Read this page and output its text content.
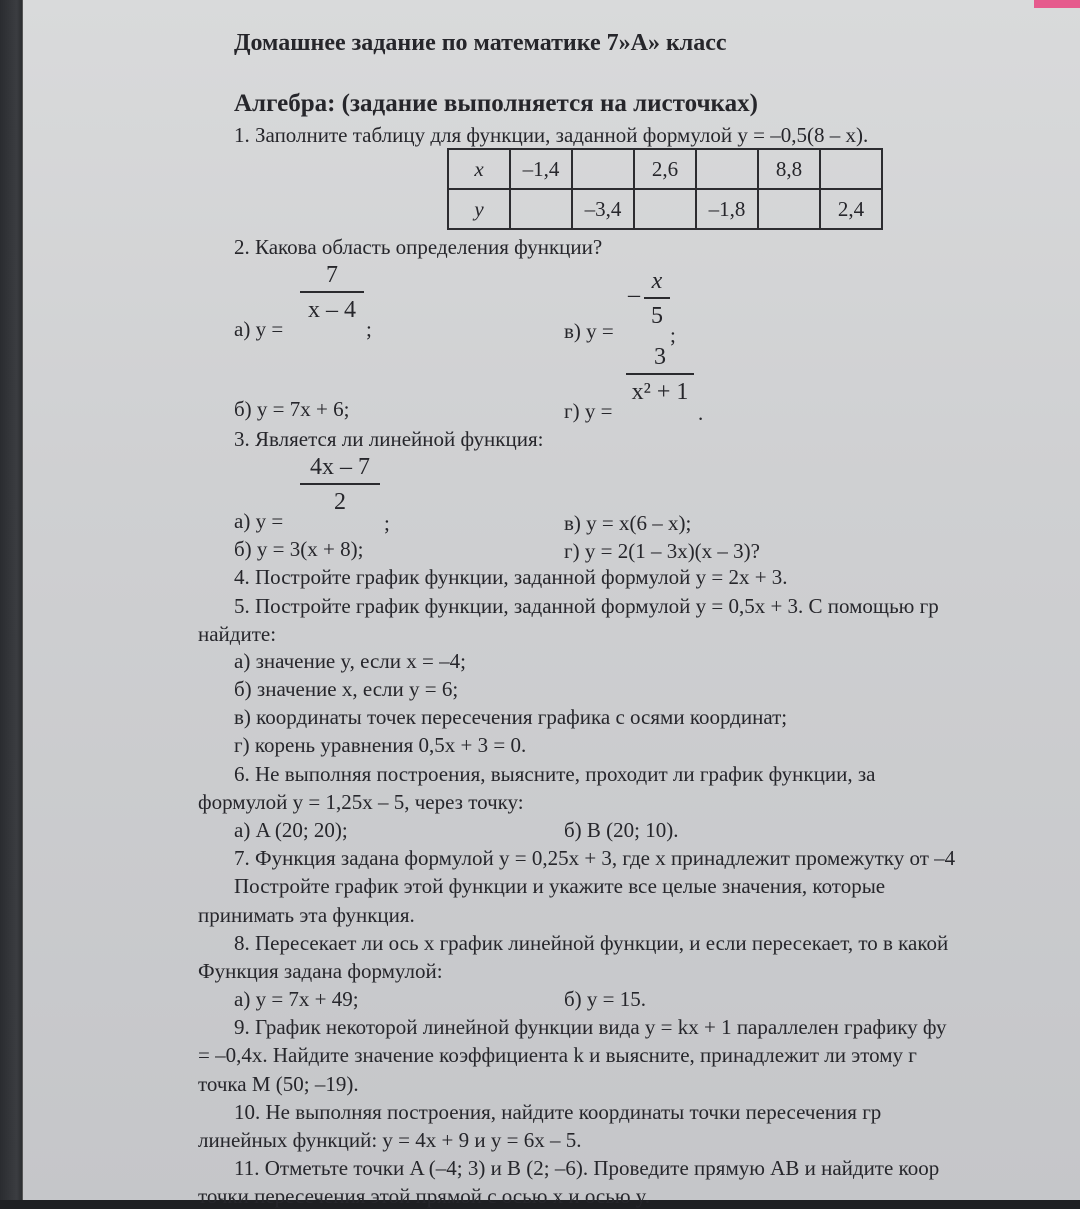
Домашнее задание по математике 7»А» класс
Алгебра: (задание выполняется на листочках)
1. Заполните таблицу для функции, заданной формулой y = –0,5(8 – x).
x	–1,4		2,6		8,8	
y		–3,4		–1,8		2,4
2. Какова область определения функции?
а) y =
7
x – 4
;	в) y =
–
x
5
;
б) y = 7x + 6;	г) y =
3
x² + 1
.
3. Является ли линейной функция:
а) y =
4x – 7
2
;	в) y = x(6 – x);
б) y = 3(x + 8);	г) y = 2(1 – 3x)(x – 3)?
4. Постройте график функции, заданной формулой y = 2x + 3.
5. Постройте график функции, заданной формулой y = 0,5x + 3. С помощью гр
найдите:
а) значение y, если x = –4;
б) значение x, если y = 6;
в) координаты точек пересечения графика с осями координат;
г) корень уравнения 0,5x + 3 = 0.
6. Не выполняя построения, выясните, проходит ли график функции, за
формулой y = 1,25x – 5, через точку:
а) A (20; 20);	б) B (20; 10).
7. Функция задана формулой y = 0,25x + 3, где x принадлежит промежутку от –4
Постройте график этой функции и укажите все целые значения, которые
принимать эта функция.
8. Пересекает ли ось x график линейной функции, и если пересекает, то в какой
Функция задана формулой:
а) y = 7x + 49;	б) y = 15.
9. График некоторой линейной функции вида y = kx + 1 параллелен графику фу
= –0,4x. Найдите значение коэффициента k и выясните, принадлежит ли этому г
точка M (50; –19).
10. Не выполняя построения, найдите координаты точки пересечения гр
линейных функций: y = 4x + 9 и y = 6x – 5.
11. Отметьте точки A (–4; 3) и B (2; –6). Проведите прямую AB и найдите коор
точки пересечения этой прямой с осью x и осью y.
